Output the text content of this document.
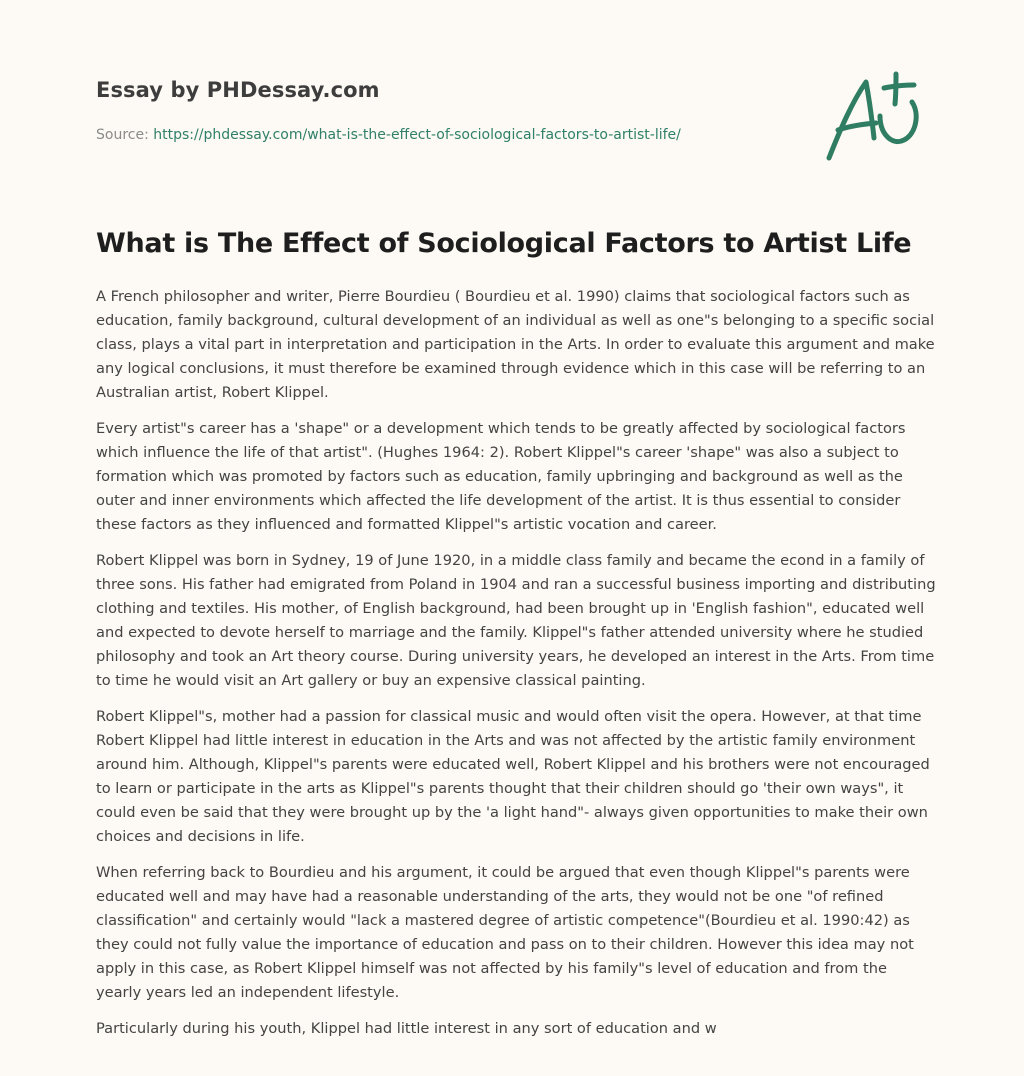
Essay by PHDessay.com
Source: https://phdessay.com/what-is-the-effect-of-sociological-factors-to-artist-life/
What is The Effect of Sociological Factors to Artist Life

A French philosopher and writer, Pierre Bourdieu ( Bourdieu et al. 1990) claims that sociological factors such as education, family background, cultural development of an individual as well as one"s belonging to a specific social class, plays a vital part in interpretation and participation in the Arts. In order to evaluate this argument and make any logical conclusions, it must therefore be examined through evidence which in this case will be referring to an Australian artist, Robert Klippel.

Every artist"s career has a 'shape" or a development which tends to be greatly affected by sociological factors which influence the life of that artist". (Hughes 1964: 2). Robert Klippel"s career 'shape" was also a subject to formation which was promoted by factors such as education, family upbringing and background as well as the outer and inner environments which affected the life development of the artist. It is thus essential to consider these factors as they influenced and formatted Klippel"s artistic vocation and career.

Robert Klippel was born in Sydney, 19 of June 1920, in a middle class family and became the econd in a family of three sons. His father had emigrated from Poland in 1904 and ran a successful business importing and distributing clothing and textiles. His mother, of English background, had been brought up in 'English fashion", educated well and expected to devote herself to marriage and the family. Klippel"s father attended university where he studied philosophy and took an Art theory course. During university years, he developed an interest in the Arts. From time to time he would visit an Art gallery or buy an expensive classical painting.

Robert Klippel"s, mother had a passion for classical music and would often visit the opera. However, at that time Robert Klippel had little interest in education in the Arts and was not affected by the artistic family environment around him. Although, Klippel"s parents were educated well, Robert Klippel and his brothers were not encouraged to learn or participate in the arts as Klippel"s parents thought that their children should go 'their own ways", it could even be said that they were brought up by the 'a light hand"- always given opportunities to make their own choices and decisions in life.

When referring back to Bourdieu and his argument, it could be argued that even though Klippel"s parents were educated well and may have had a reasonable understanding of the arts, they would not be one "of refined classification" and certainly would "lack a mastered degree of artistic competence"(Bourdieu et al. 1990:42) as they could not fully value the importance of education and pass on to their children. However this idea may not apply in this case, as Robert Klippel himself was not affected by his family"s level of education and from the yearly years led an independent lifestyle.

Particularly during his youth, Klippel had little interest in any sort of education and w
